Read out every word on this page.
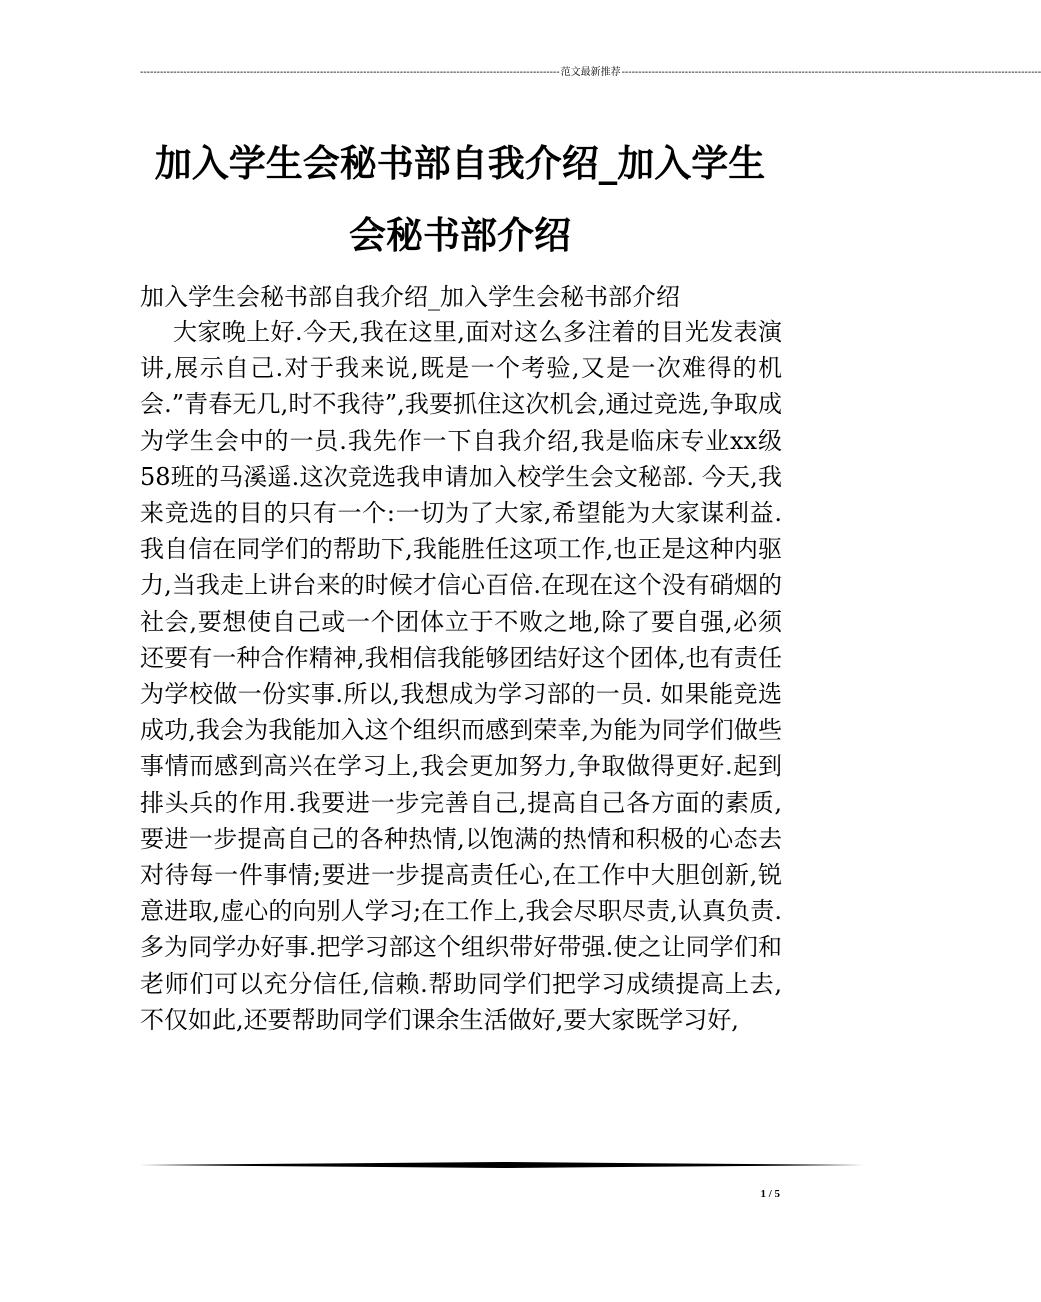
------------------------------------------------------------------------------------------------------------------------------ 范文最新推荐 ------------------------------------------------------------------------------------------------------------------------------
加入学生会秘书部自我介绍_加入学生会秘书部介绍

加入学生会秘书部自我介绍_加入学生会秘书部介绍

大家晚上好.今天,我在这里,面对这么多注着的目光发表演讲,展示自己.对于我来说,既是一个考验,又是一次难得的机会.”青春无几,时不我待”,我要抓住这次机会,通过竞选,争取成为学生会中的一员.我先作一下自我介绍,我是临床专业xx级58班的马溪遥.这次竞选我申请加入校学生会文秘部. 今天,我来竞选的目的只有一个:一切为了大家,希望能为大家谋利益.我自信在同学们的帮助下,我能胜任这项工作,也正是这种内驱力,当我走上讲台来的时候才信心百倍.在现在这个没有硝烟的社会,要想使自己或一个团体立于不败之地,除了要自强,必须还要有一种合作精神,我相信我能够团结好这个团体,也有责任为学校做一份实事.所以,我想成为学习部的一员. 如果能竞选成功,我会为我能加入这个组织而感到荣幸,为能为同学们做些事情而感到高兴在学习上,我会更加努力,争取做得更好.起到排头兵的作用.我要进一步完善自己,提高自己各方面的素质,要进一步提高自己的各种热情,以饱满的热情和积极的心态去对待每一件事情;要进一步提高责任心,在工作中大胆创新,锐意进取,虚心的向别人学习;在工作上,我会尽职尽责,认真负责.多为同学办好事.把学习部这个组织带好带强.使之让同学们和老师们可以充分信任,信赖.帮助同学们把学习成绩提高上去,不仅如此,还要帮助同学们课余生活做好,要大家既学习好,

1 / 5
